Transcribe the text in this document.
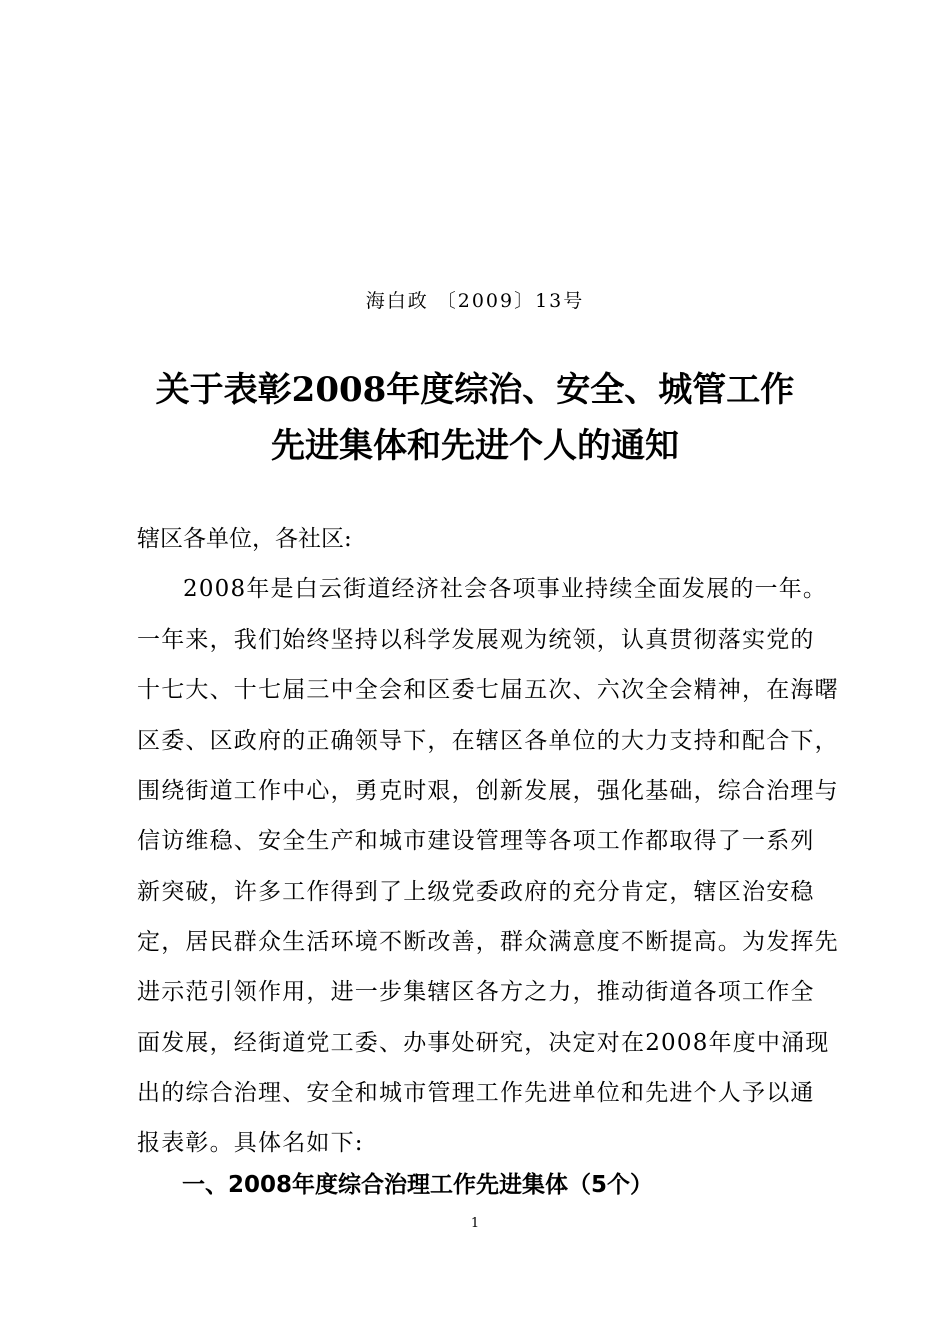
海白政 〔2009〕13号
关于表彰2008年度综治、安全、城管工作
先进集体和先进个人的通知
辖区各单位，各社区:
2008年是白云街道经济社会各项事业持续全面发展的一年。
一年来，我们始终坚持以科学发展观为统领，认真贯彻落实党的
十七大、十七届三中全会和区委七届五次、六次全会精神，在海曙
区委、区政府的正确领导下，在辖区各单位的大力支持和配合下，
围绕街道工作中心，勇克时艰，创新发展，强化基础，综合治理与
信访维稳、安全生产和城市建设管理等各项工作都取得了一系列
新突破，许多工作得到了上级党委政府的充分肯定，辖区治安稳
定，居民群众生活环境不断改善，群众满意度不断提高。为发挥先
进示范引领作用，进一步集辖区各方之力，推动街道各项工作全
面发展，经街道党工委、办事处研究，决定对在2008年度中涌现
出的综合治理、安全和城市管理工作先进单位和先进个人予以通
报表彰。具体名如下:
一、2008年度综合治理工作先进集体（5个）
1
